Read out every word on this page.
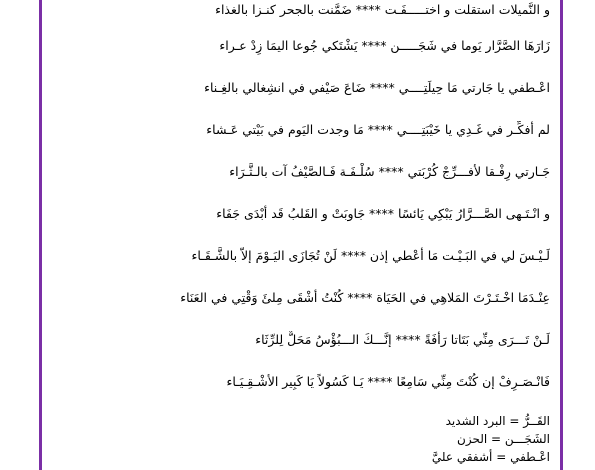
و النَّميلات استقلت و اختـــــفَـت **** ضَمَّنت بالجحر كنـزا بالغذاء
زَارَهَا الصَّرَّار يَوما في شَجَـــــن **** يَشْتَكي جُوعا اليمَا زِدْ عـراء
اعْـطفي يا جَارتي مَا حِيلَتِــــي **** ضَاعَ صَيْفي في انشِغالي بالغِـناء
لم أفكِّـر في غَـدِي يا خَيْبَتِــــي **** مَا وجدت اليَوم في بَيْتي عَـشاء
جَـارتي رِفْـقا لأفـــرِّجْ كُرْبَتي **** سُلْـفَـة فَـالصَّيْفُ آت بالـثَّـرَاء
و انْـتَـهى الصَّـــرَّارُ يَبْكِي يَائسًا **** جَاوبَتْ و القَلبُ قَد أبْدَى جَفَاء
لَـيْـسَ لي في البَـيْـت مَا أعْطي إذن **** لَنْ تُجَازَى اليَـوْمَ إلاّ بالشَّـقَـاء
عِنْـدَمَا اخْـتَـرْتَ المَلاهِي في الحَيَاة **** كُنْتُ أشْقَى مِلئَ وَقْتِي في العَنَاء
لَـنْ تَـــرَى مِنِّي بَتَاتا رَأفَةً **** إنَّـــكَ الـــبُؤْسُ مَحَلٌّ لِلرِّثَاء
فَانْـصَـرِفْ إن كُنْتَ مِنِّي سَامِعًا **** يَـا كَسُولاً يَا كَبِير الأشْـقِـيَـاء
القَــرُّ = البرد الشديد
الشَجَـــن = الحزن
اعْـطفي = أشفقي عليَّ
